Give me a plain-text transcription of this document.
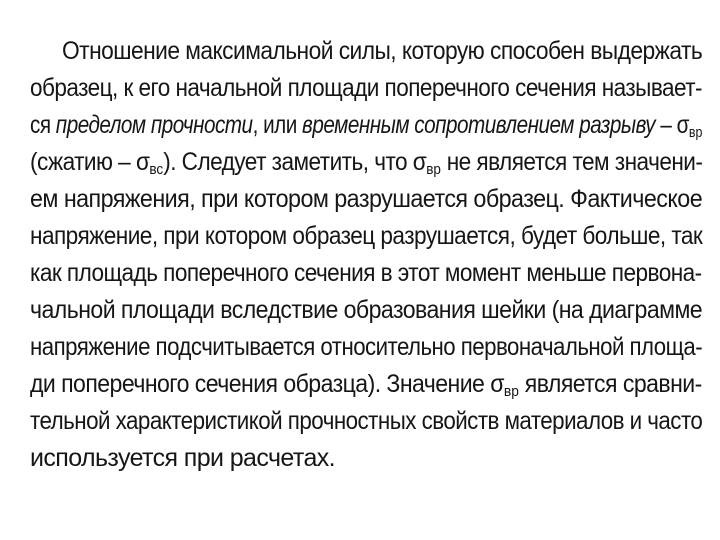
Отношение максимальной силы, которую способен выдержать
образец, к его начальной площади поперечного сечения называет-
ся пределом прочности, или временным сопротивлением разрыву – $\sigma_{вр}$
(сжатию – $\sigma_{вс}$). Следует заметить, что $\sigma_{вр}$ не является тем значени-
ем напряжения, при котором разрушается образец. Фактическое
напряжение, при котором образец разрушается, будет больше, так
как площадь поперечного сечения в этот момент меньше первона-
чальной площади вследствие образования шейки (на диаграмме
напряжение подсчитывается относительно первоначальной площа-
ди поперечного сечения образца). Значение $\sigma_{вр}$ является сравни-
тельной характеристикой прочностных свойств материалов и часто
используется при расчетах.
